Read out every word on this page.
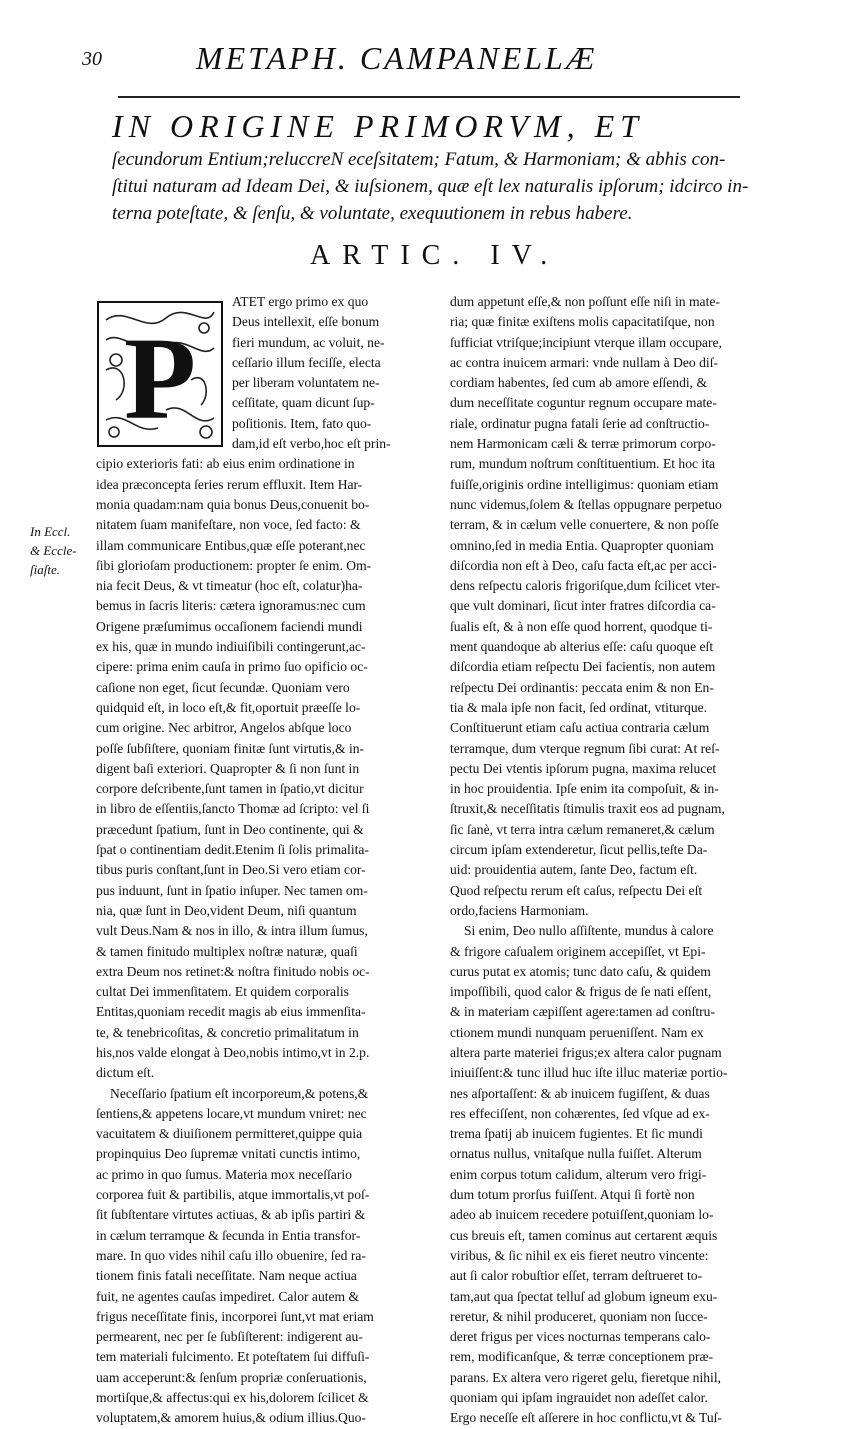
30	METAPH. CAMPANELLÆ
IN ORIGINE PRIMORVM, ET
ſecundorum Entium;reluccreN eceſsitatem; Fatum, & Harmoniam; & abhis con-
ſtitui naturam ad Ideam Dei, & iuſsionem, quæ eſt lex naturalis ipſorum; idcirco in-
terna poteſtate, & ſenſu, & voluntate, exequutionem in rebus habere.
ARTIC. IV.
In Eccl.
& Eccle-
ſiaſte.
P
ATET ergo primo ex quo
Deus intellexit, eſſe bonum
fieri mundum, ac voluit, ne-
ceſſario illum feciſſe, electa
per liberam voluntatem ne-
ceſſitate, quam dicunt ſup-
poſitionis. Item, fato quo-
dam,id eſt verbo,hoc eſt prin-
cipio exterioris fati: ab eius enim ordinatione in
idea præconcepta ſeries rerum effluxit. Item Har-
monia quadam:nam quia bonus Deus,conuenit bo-
nitatem ſuam manifeſtare, non voce, ſed facto: &
illam communicare Entibus,quæ eſſe poterant,nec
ſibi glorioſam productionem: propter ſe enim. Om-
nia fecit Deus, & vt timeatur (hoc eſt, colatur)ha-
bemus in ſacris literis: cætera ignoramus:nec cum
Origene præſumimus occaſionem faciendi mundi
ex his, quæ in mundo indiuiſibili contingerunt,ac-
cipere: prima enim cauſa in primo ſuo opificio oc-
caſione non eget, ſicut ſecundæ. Quoniam vero
quidquid eſt, in loco eſt,& fit,oportuit præeſſe lo-
cum origine. Nec arbitror, Angelos abſque loco
poſſe ſubſiſtere, quoniam finitæ ſunt virtutis,& in-
digent baſi exteriori. Quapropter & ſi non ſunt in
corpore deſcribente,ſunt tamen in ſpatio,vt dicitur
in libro de eſſentiis,ſancto Thomæ ad ſcripto: vel ſi
præcedunt ſpatium, ſunt in Deo continente, qui &
ſpat o continentiam dedit.Etenim ſi ſolis primalita-
tibus puris conſtant,ſunt in Deo.Si vero etiam cor-
pus induunt, ſunt in ſpatio inſuper. Nec tamen om-
nia, quæ ſunt in Deo,vident Deum, niſi quantum
vult Deus.Nam & nos in illo, & intra illum ſumus,
& tamen finitudo multiplex noſtræ naturæ, quaſi
extra Deum nos retinet:& noſtra finitudo nobis oc-
cultat Dei immenſitatem. Et quidem corporalis
Entitas,quoniam recedit magis ab eius immenſita-
te, & tenebricoſitas, & concretio primalitatum in
his,nos valde elongat à Deo,nobis intimo,vt in 2.p.
dictum eſt.
Neceſſario ſpatium eſt incorporeum,& potens,&
ſentiens,& appetens locare,vt mundum vniret: nec
vacuitatem & diuiſionem permitteret,quippe quia
propinquius Deo ſupremæ vnitati cunctis intimo,
ac primo in quo ſumus. Materia mox neceſſario
corporea fuit & partibilis, atque immortalis,vt poſ-
ſit ſubſtentare virtutes actiuas, & ab ipſis partiri &
in cælum terramque & ſecunda in Entia transfor-
mare. In quo vides nihil caſu illo obuenire, ſed ra-
tionem finis fatali neceſſitate. Nam neque actiua
fuit, ne agentes cauſas impediret. Calor autem &
frigus neceſſitate finis, incorporei ſunt,vt mat eriam
permearent, nec per ſe ſubſiſterent: indigerent au-
tem materiali fulcimento. Et poteſtatem ſui diffuſi-
uam acceperunt:& ſenſum propriæ conſeruationis,
mortiſque,& affectus:qui ex his,dolorem ſcilicet &
voluptatem,& amorem huius,& odium illius.Quo-
dum appetunt eſſe,& non poſſunt eſſe niſi in mate-
ria; quæ finitæ exiſtens molis capacitatiſque, non
ſufficiat vtriſque;incipiunt vterque illam occupare,
ac contra inuicem armari: vnde nullam à Deo diſ-
cordiam habentes, ſed cum ab amore eſſendi, &
dum neceſſitate coguntur regnum occupare mate-
riale, ordinatur pugna fatali ſerie ad conſtructio-
nem Harmonicam cæli & terræ primorum corpo-
rum, mundum noſtrum conſtituentium. Et hoc ita
fuiſſe,originis ordine intelligimus: quoniam etiam
nunc videmus,ſolem & ſtellas oppugnare perpetuo
terram, & in cælum velle conuertere, & non poſſe
omnino,ſed in media Entia. Quapropter quoniam
diſcordia non eſt à Deo, caſu facta eſt,ac per acci-
dens reſpectu caloris frigoriſque,dum ſcilicet vter-
que vult dominari, ſicut inter fratres diſcordia ca-
ſualis eſt, & à non eſſe quod horrent, quodque ti-
ment quandoque ab alterius eſſe: caſu quoque eſt
diſcordia etiam reſpectu Dei facientis, non autem
reſpectu Dei ordinantis: peccata enim & non En-
tia & mala ipſe non facit, ſed ordinat, vtiturque.
Conſtituerunt etiam caſu actiua contraria cælum
terramque, dum vterque regnum ſibi curat: At reſ-
pectu Dei vtentis ipſorum pugna, maxima relucet
in hoc prouidentia. Ipſe enim ita compoſuit, & in-
ſtruxit,& neceſſitatis ſtimulis traxit eos ad pugnam,
ſic ſanè, vt terra intra cælum remaneret,& cælum
circum ipſam extenderetur, ſicut pellis,teſte Da-
uid: prouidentia autem, ſante Deo, factum eſt.
Quod reſpectu rerum eſt caſus, reſpectu Dei eſt
ordo,faciens Harmoniam.
Si enim, Deo nullo aſſiſtente, mundus à calore
& frigore caſualem originem accepiſſet, vt Epi-
curus putat ex atomis; tunc dato caſu, & quidem
impoſſibili, quod calor & frigus de ſe nati eſſent,
& in materiam cæpiſſent agere:tamen ad conſtru-
ctionem mundi nunquam perueniſſent. Nam ex
altera parte materiei frigus;ex altera calor pugnam
iniuiſſent:& tunc illud huc iſte illuc materiæ portio-
nes aſportaſſent: & ab inuicem fugiſſent, & duas
res effeciſſent, non cohærentes, ſed vſque ad ex-
trema ſpatij ab inuicem fugientes. Et ſic mundi
ornatus nullus, vnitaſque nulla fuiſſet. Alterum
enim corpus totum calidum, alterum vero frigi-
dum totum prorſus fuiſſent. Atqui ſi fortè non
adeo ab inuicem recedere potuiſſent,quoniam lo-
cus breuis eſt, tamen cominus aut certarent æquis
viribus, & ſic nihil ex eis fieret neutro vincente:
aut ſi calor robuſtior eſſet, terram deſtrueret to-
tam,aut qua ſpectat telluſ ad globum igneum exu-
reretur, & nihil produceret, quoniam non ſucce-
deret frigus per vices nocturnas temperans calo-
rem, modificanſque, & terræ conceptionem præ-
parans. Ex altera vero rigeret gelu, fieretque nihil,
quoniam qui ipſam ingrauidet non adeſſet calor.
Ergo neceſſe eſt aſſerere in hoc conflictu,vt & Tuſ-
